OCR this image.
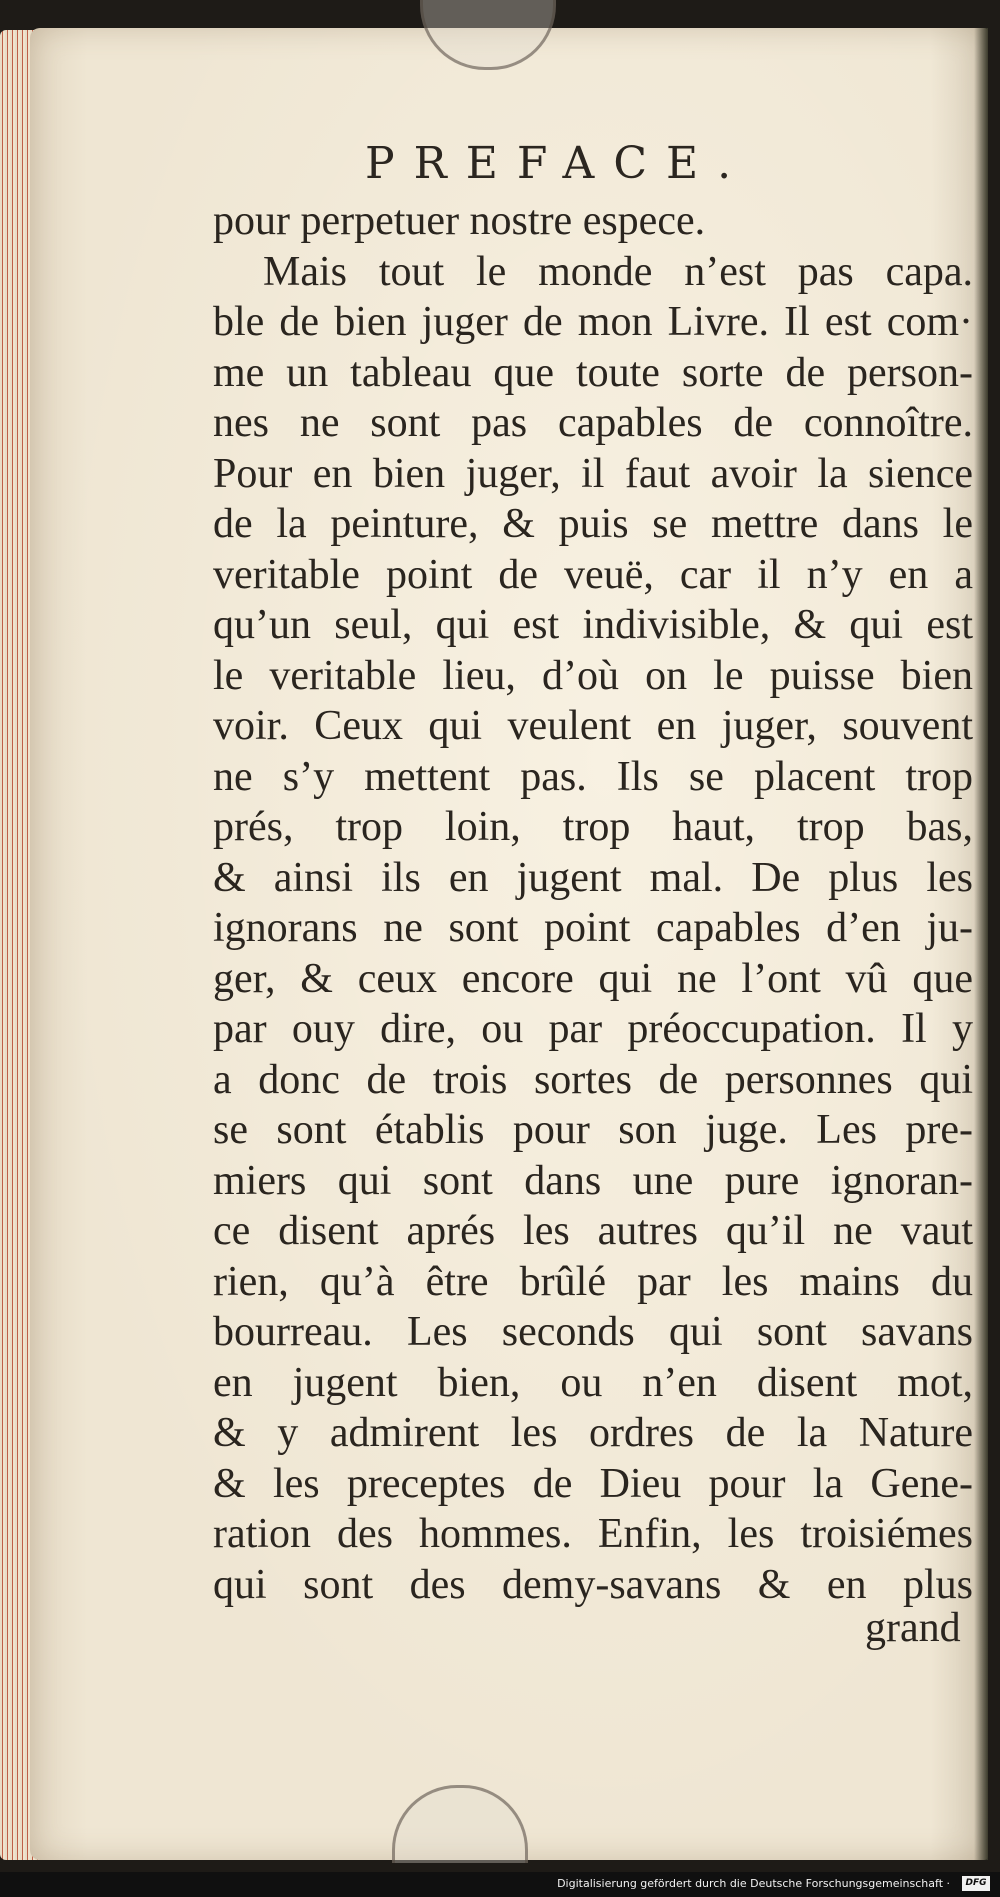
PREFACE.
pour perpetuer nostre espece.
Mais tout le monde n’est pas capa.
ble de bien juger de mon Livre. Il est com·
me un tableau que toute sorte de person-
nes ne sont pas capables de connoître.
Pour en bien juger, il faut avoir la sience
de la peinture, & puis se mettre dans le
veritable point de veuë, car il n’y en a
qu’un seul, qui est indivisible, & qui est
le veritable lieu, d’où on le puisse bien
voir. Ceux qui veulent en juger, souvent
ne s’y mettent pas. Ils se placent trop
prés, trop loin, trop haut, trop bas,
& ainsi ils en jugent mal. De plus les
ignorans ne sont point capables d’en ju-
ger, & ceux encore qui ne l’ont vû que
par ouy dire, ou par préoccupation. Il y
a donc de trois sortes de personnes qui
se sont établis pour son juge. Les pre-
miers qui sont dans une pure ignoran-
ce disent aprés les autres qu’il ne vaut
rien, qu’à être brûlé par les mains du
bourreau. Les seconds qui sont savans
en jugent bien, ou n’en disent mot,
& y admirent les ordres de la Nature
& les preceptes de Dieu pour la Gene-
ration des hommes. Enfin, les troisiémes
qui sont des demy-savans & en plus
grand
Digitalisierung gefördert durch die Deutsche Forschungsgemeinschaft ·	DFG
